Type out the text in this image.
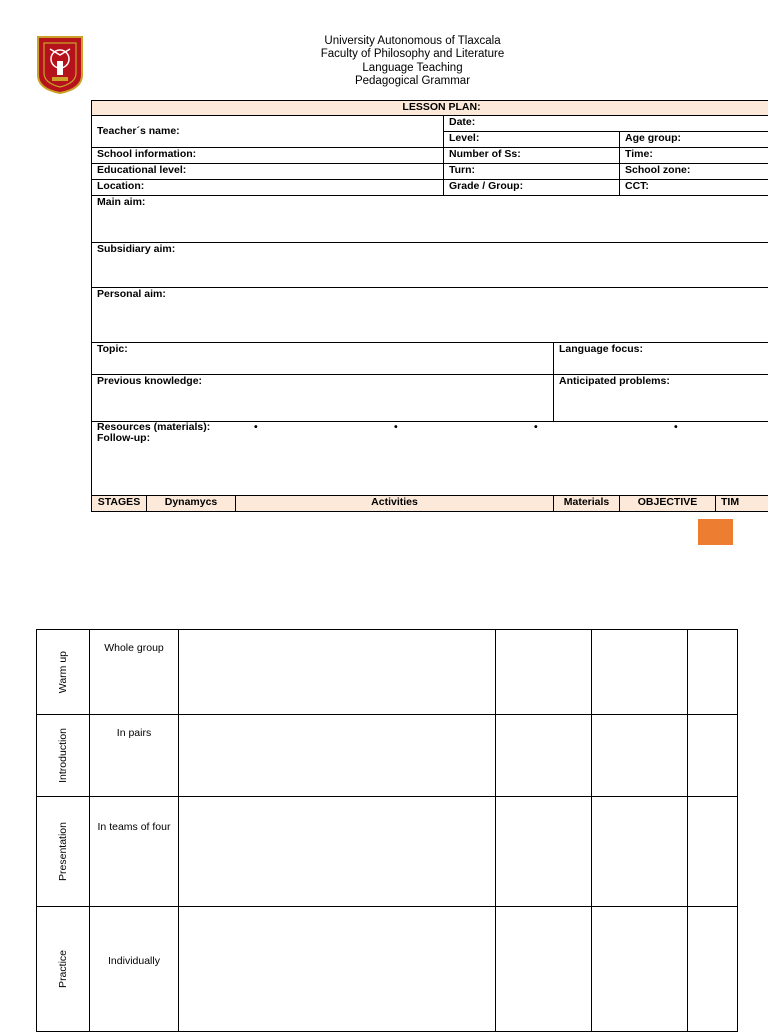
University Autonomous of Tlaxcala
Faculty of Philosophy and Literature
Language Teaching
Pedagogical Grammar
LESSON PLAN:						
Teacher´s name:			Date:			
			Level:		Age group:	
School information:			Number of Ss:		Time:	
Educational level:			Turn:		School zone:	
Location:			Grade / Group:		CCT:	
Main aim:						
Subsidiary aim:						
Personal aim:						
Topic:				Language focus:		
Previous knowledge:				Anticipated problems:		
Resources (materials): • • • •						

Follow-up:						
STAGES	Dynamycs	Activities		Materials	OBJECTIVE	TIM
Warm up	Whole group				

Introduction	In pairs				

Presentation	In teams of four				

Practice	Individually				
